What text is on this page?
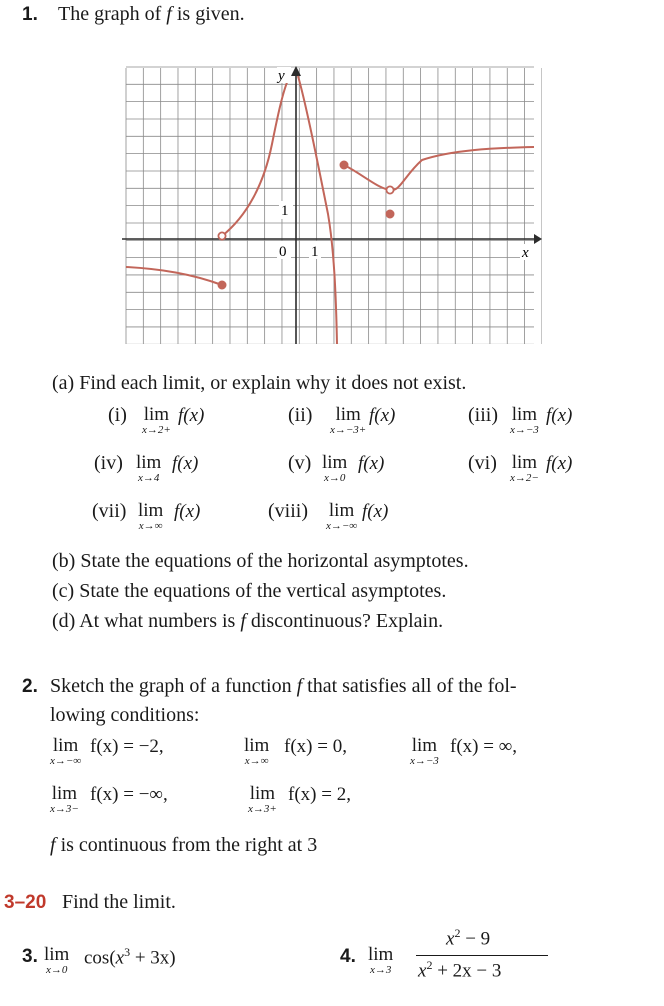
1. The graph of f is given.
y
x
0 1
1
(a) Find each limit, or explain why it does not exist.
(i) lim
x→2+
f(x)	(ii) lim
x→−3+
f(x)	(iii) lim
x→−3
f(x)
(iv) lim
x→4
f(x)	(v) lim
x→0
f(x)	(vi) lim
x→2−
f(x)
(vii) lim
x→∞
f(x)	(viii) lim
x→−∞
f(x)
(b) State the equations of the horizontal asymptotes.
(c) State the equations of the vertical asymptotes.
(d) At what numbers is f discontinuous? Explain.
2. Sketch the graph of a function f that satisfies all of the fol-
lowing conditions:
lim
x→−∞
f(x) = −2,	lim
x→∞
f(x) = 0,	lim
x→−3
f(x) = ∞,
lim
x→3−
f(x) = −∞,	lim
x→3+
f(x) = 2,
f is continuous from the right at 3
3–20 Find the limit.
3. lim
x→0
$\cos(x^3 + 3x)$	4. lim
x→3
$x^2 - 9$
$x^2 + 2x - 3$
